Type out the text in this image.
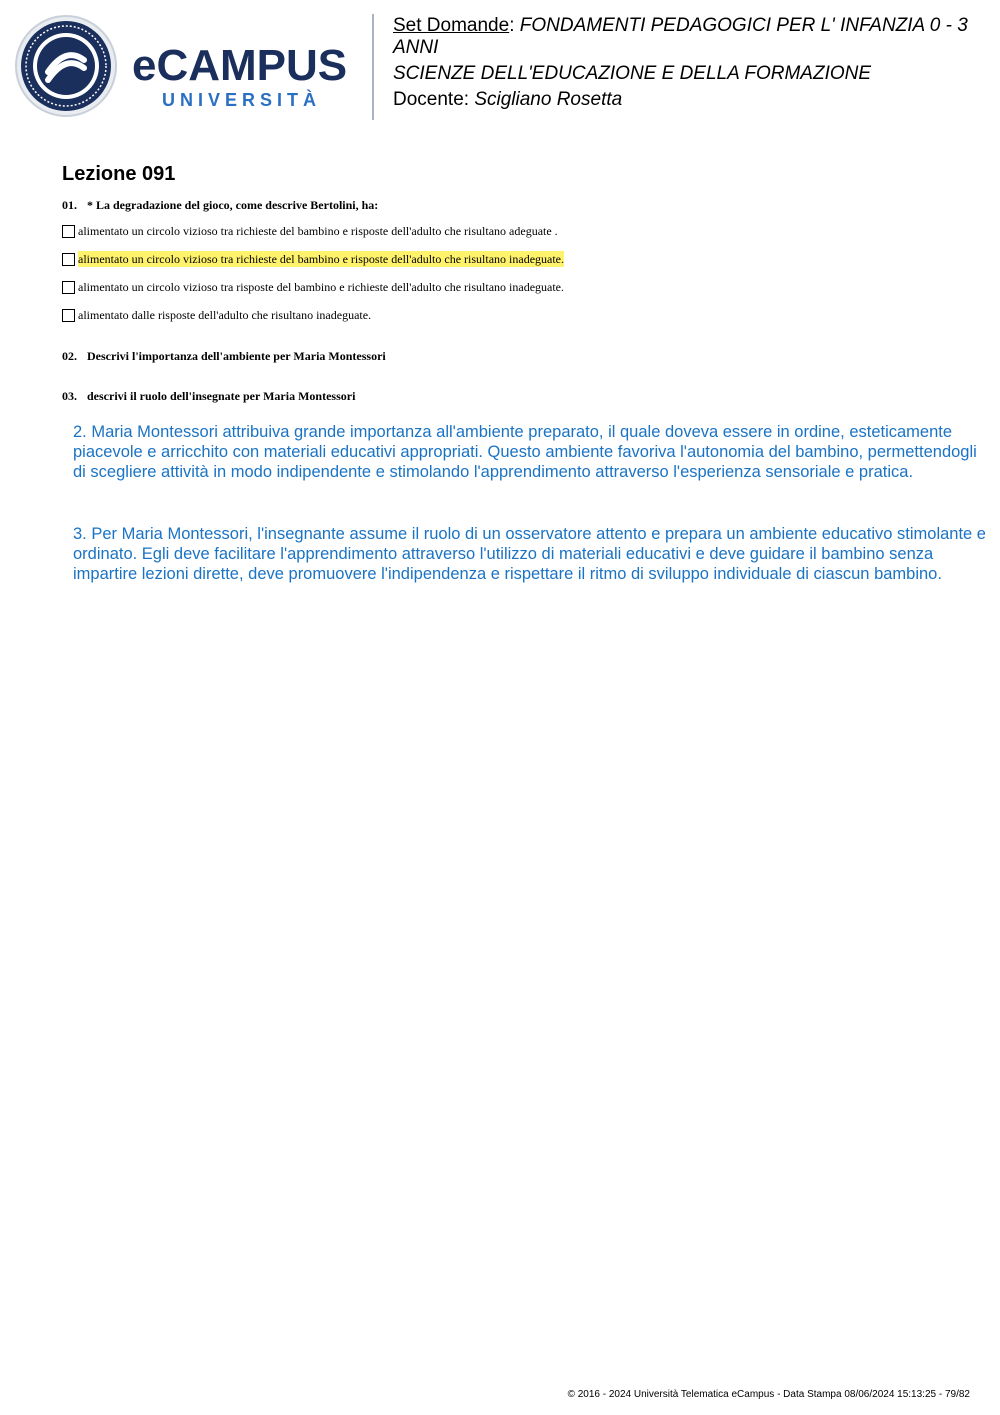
eCAMPUS
UNIVERSITÀ

Set Domande: FONDAMENTI PEDAGOGICI PER L' INFANZIA 0 - 3 ANNI

SCIENZE DELL'EDUCAZIONE E DELLA FORMAZIONE

Docente: Scigliano Rosetta

Lezione 091
01. * La degradazione del gioco, come descrive Bertolini, ha:
alimentato un circolo vizioso tra richieste del bambino e risposte dell'adulto che risultano adeguate .
alimentato un circolo vizioso tra richieste del bambino e risposte dell'adulto che risultano inadeguate.
alimentato un circolo vizioso tra risposte del bambino e richieste dell'adulto che risultano inadeguate.
alimentato dalle risposte dell'adulto che risultano inadeguate.
02. Descrivi l'importanza dell'ambiente per Maria Montessori
03. descrivi il ruolo dell'insegnate per Maria Montessori

2. Maria Montessori attribuiva grande importanza all'ambiente preparato, il quale doveva essere in ordine, esteticamente piacevole e arricchito con materiali educativi appropriati. Questo ambiente favoriva l'autonomia del bambino, permettendogli di scegliere attività in modo indipendente e stimolando l'apprendimento attraverso l'esperienza sensoriale e pratica.

3. Per Maria Montessori, l'insegnante assume il ruolo di un osservatore attento e prepara un ambiente educativo stimolante e ordinato. Egli deve facilitare l'apprendimento attraverso l'utilizzo di materiali educativi e deve guidare il bambino senza impartire lezioni dirette, deve promuovere l'indipendenza e rispettare il ritmo di sviluppo individuale di ciascun bambino.

© 2016 - 2024 Università Telematica eCampus - Data Stampa 08/06/2024 15:13:25 - 79/82
